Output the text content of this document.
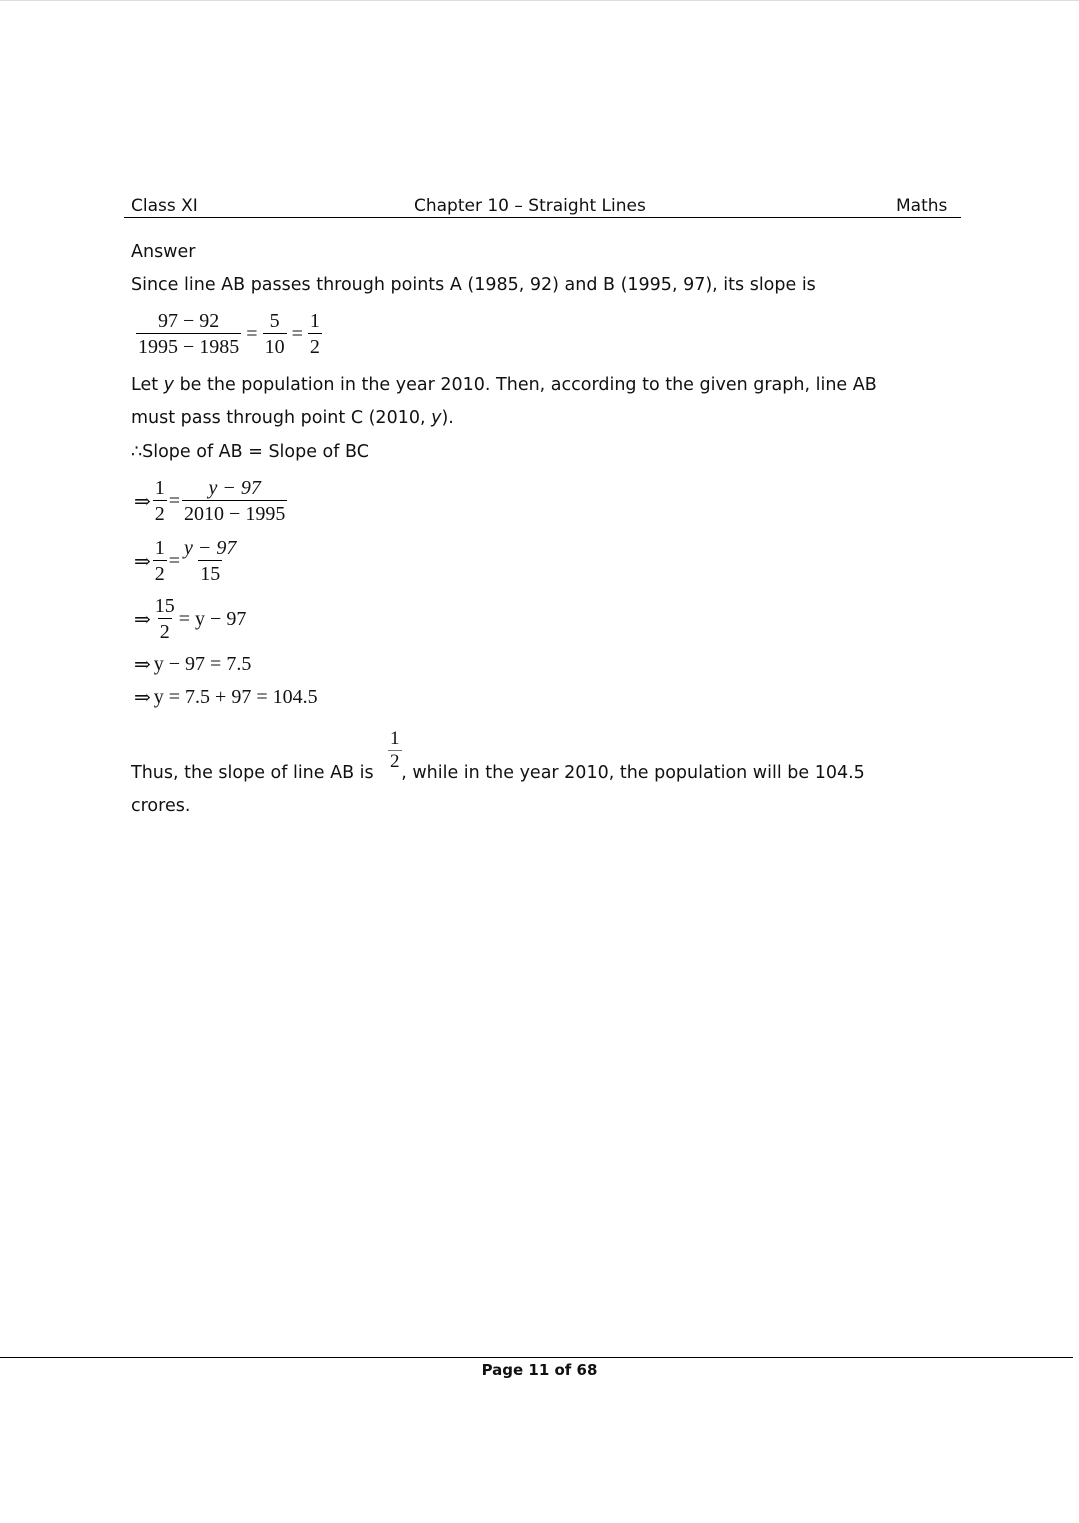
Class XI	Chapter 10 – Straight Lines	Maths
Answer
Since line AB passes through points A (1985, 92) and B (1995, 97), its slope is
$\frac{97 - 92}{1995 - 1985} = \frac{5}{10} = \frac{1}{2}$
Let y be the population in the year 2010. Then, according to the given graph, line AB
must pass through point C (2010, y).
∴Slope of AB = Slope of BC
⇒ $\frac{1}{2} = \frac{y - 97}{2010 - 1995}$
⇒ $\frac{1}{2} = \frac{y - 97}{15}$
⇒ $\frac{15}{2} = y - 97$
⇒ y − 97 = 7.5
⇒ y = 7.5 + 97 = 104.5
$\frac{1}{2}$
Thus, the slope of line AB is , while in the year 2010, the population will be 104.5
crores.
Page 11 of 68
